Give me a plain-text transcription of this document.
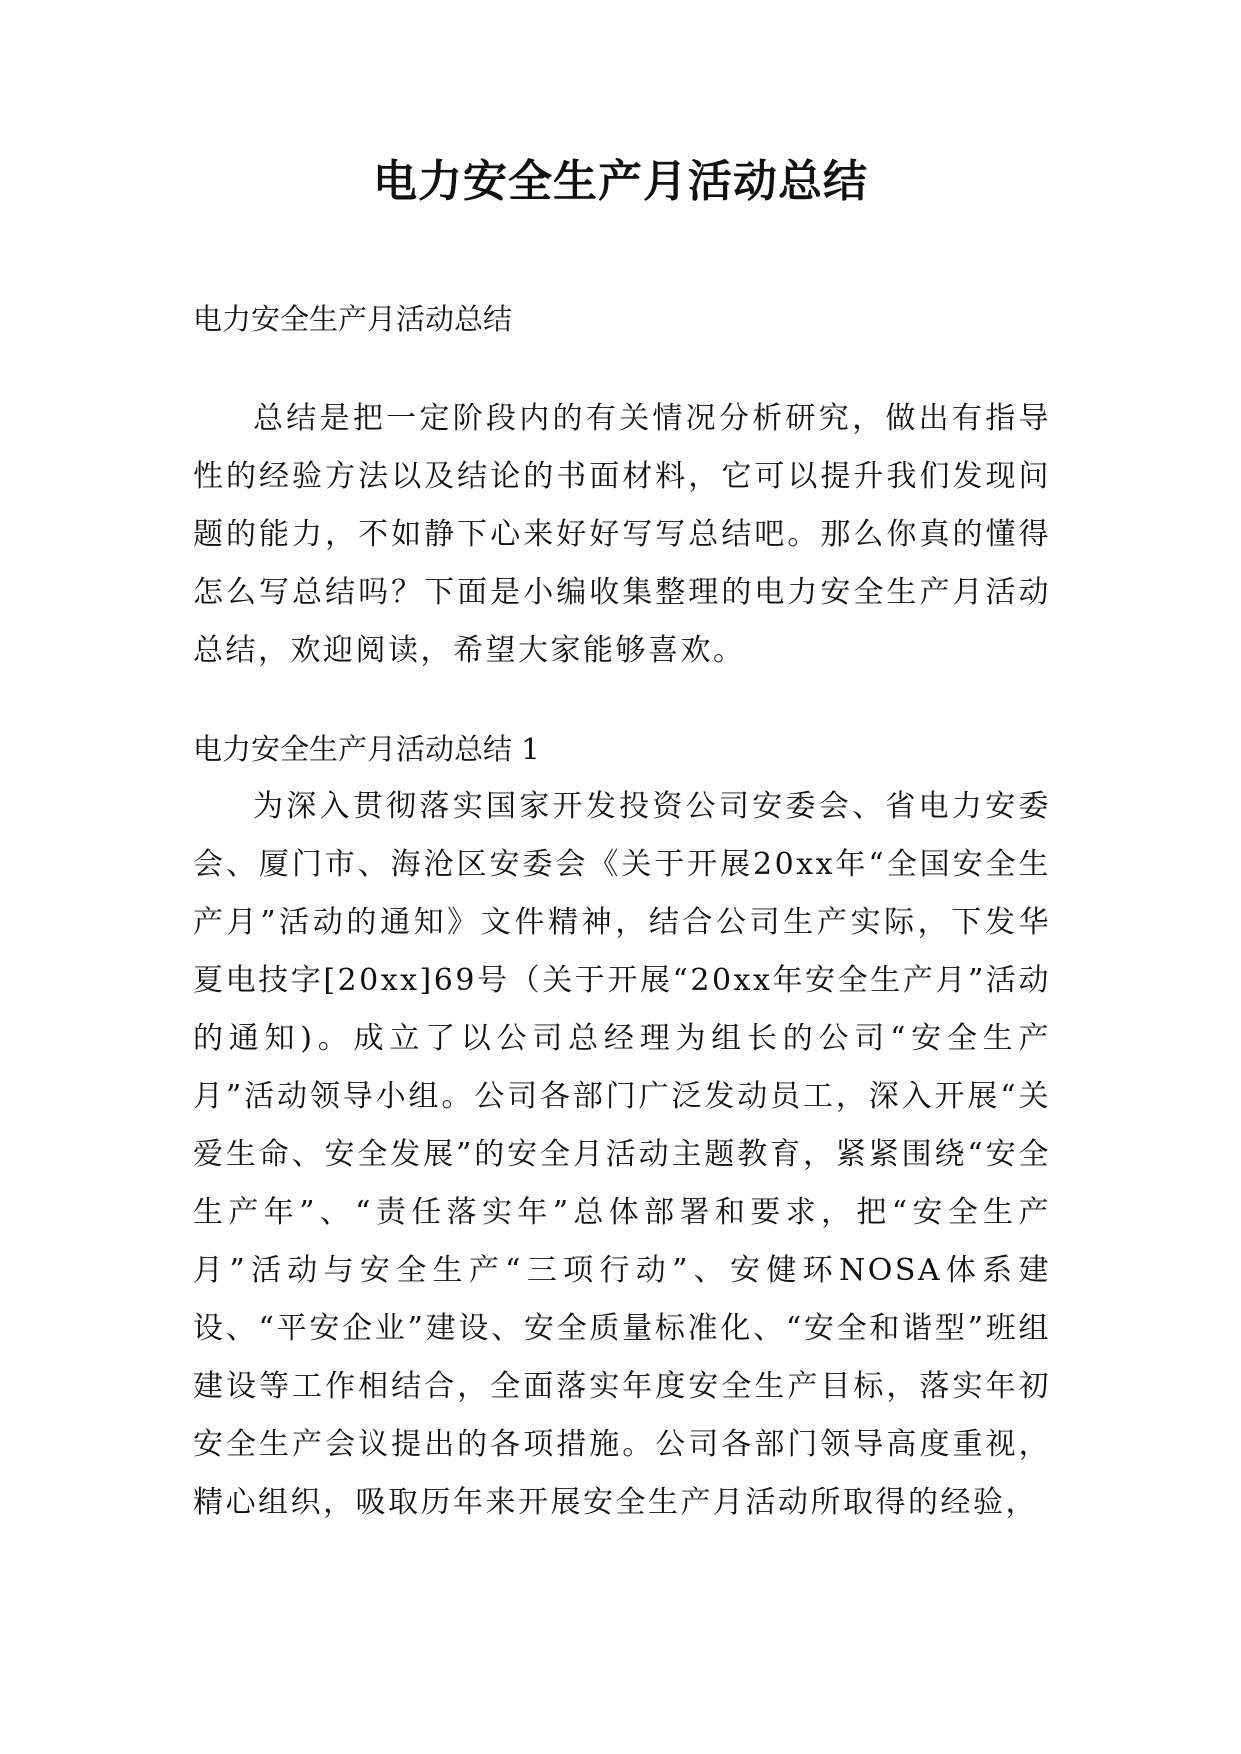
电力安全生产月活动总结

电力安全生产月活动总结

总结是把一定阶段内的有关情况分析研究，做出有指导性的经验方法以及结论的书面材料，它可以提升我们发现问题的能力，不如静下心来好好写写总结吧。那么你真的懂得怎么写总结吗？下面是小编收集整理的电力安全生产月活动总结，欢迎阅读，希望大家能够喜欢。

电力安全生产月活动总结 1

为深入贯彻落实国家开发投资公司安委会、省电力安委会、厦门市、海沧区安委会《关于开展20xx年“全国安全生产月”活动的通知》文件精神，结合公司生产实际，下发华夏电技字[20xx]69号（关于开展“20xx年安全生产月”活动的通知)。成立了以公司总经理为组长的公司“安全生产月”活动领导小组。公司各部门广泛发动员工，深入开展“关爱生命、安全发展”的安全月活动主题教育，紧紧围绕“安全生产年”、“责任落实年”总体部署和要求，把“安全生产月”活动与安全生产“三项行动”、安健环NOSA体系建设、“平安企业”建设、安全质量标准化、“安全和谐型”班组建设等工作相结合，全面落实年度安全生产目标，落实年初安全生产会议提出的各项措施。公司各部门领导高度重视，精心组织，吸取历年来开展安全生产月活动所取得的经验，
